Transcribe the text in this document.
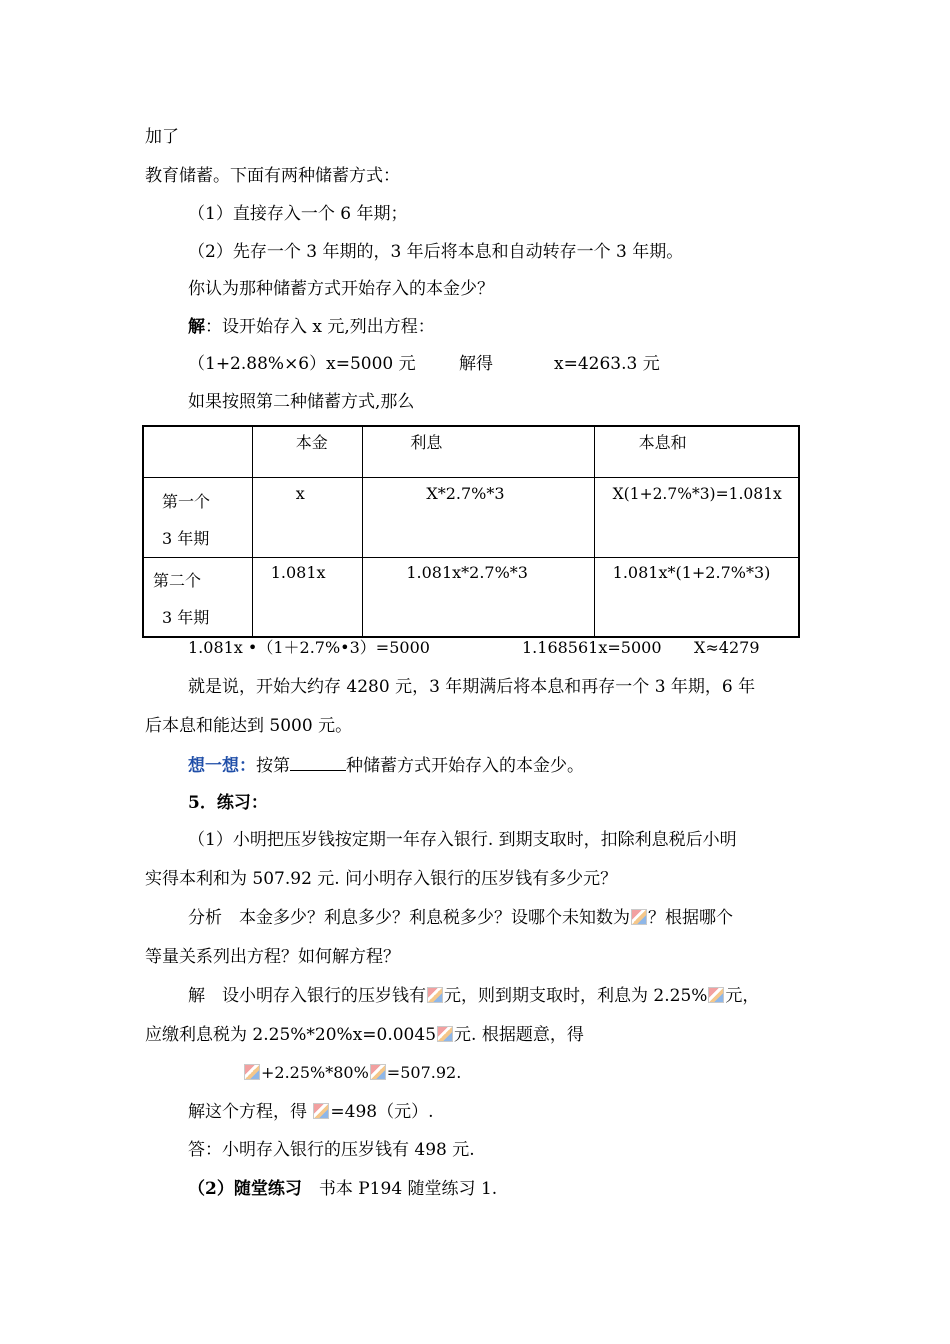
加了
教育储蓄。下面有两种储蓄方式：
（1）直接存入一个 6 年期；
（2）先存一个 3 年期的，3 年后将本息和自动转存一个 3 年期。
你认为那种储蓄方式开始存入的本金少？
解：设开始存入 x 元,列出方程：
（1+2.88%×6）x=5000 元	解得	x=4263.3 元
如果按照第二种储蓄方式,那么
	本金	利息	本息和

第一个
3 年期	x	X*2.7%*3	X(1+2.7%*3)=1.081x

第二个
3 年期	1.081x	1.081x*2.7%*3	1.081x*(1+2.7%*3)
1.081x •（1＋2.7%•3）=5000	1.168561x=5000 X≈4279
就是说，开始大约存 4280 元，3 年期满后将本息和再存一个 3 年期，6 年
后本息和能达到 5000 元。
想一想：按第	种储蓄方式开始存入的本金少。
5．练习：
（1）小明把压岁钱按定期一年存入银行. 到期支取时，扣除利息税后小明
实得本利和为 507.92 元. 问小明存入银行的压岁钱有多少元？
分析　本金多少？利息多少？利息税多少？设哪个未知数为 ？根据哪个
等量关系列出方程？如何解方程？
解　设小明存入银行的压岁钱有 元，则到期支取时，利息为 2.25% 元，
应缴利息税为 2.25%*20%x=0.0045 元. 根据题意，得
+2.25%*80% =507.92.
解这个方程，得 =498（元）.
答：小明存入银行的压岁钱有 498 元.
（2）随堂练习　书本 P194 随堂练习 1.
